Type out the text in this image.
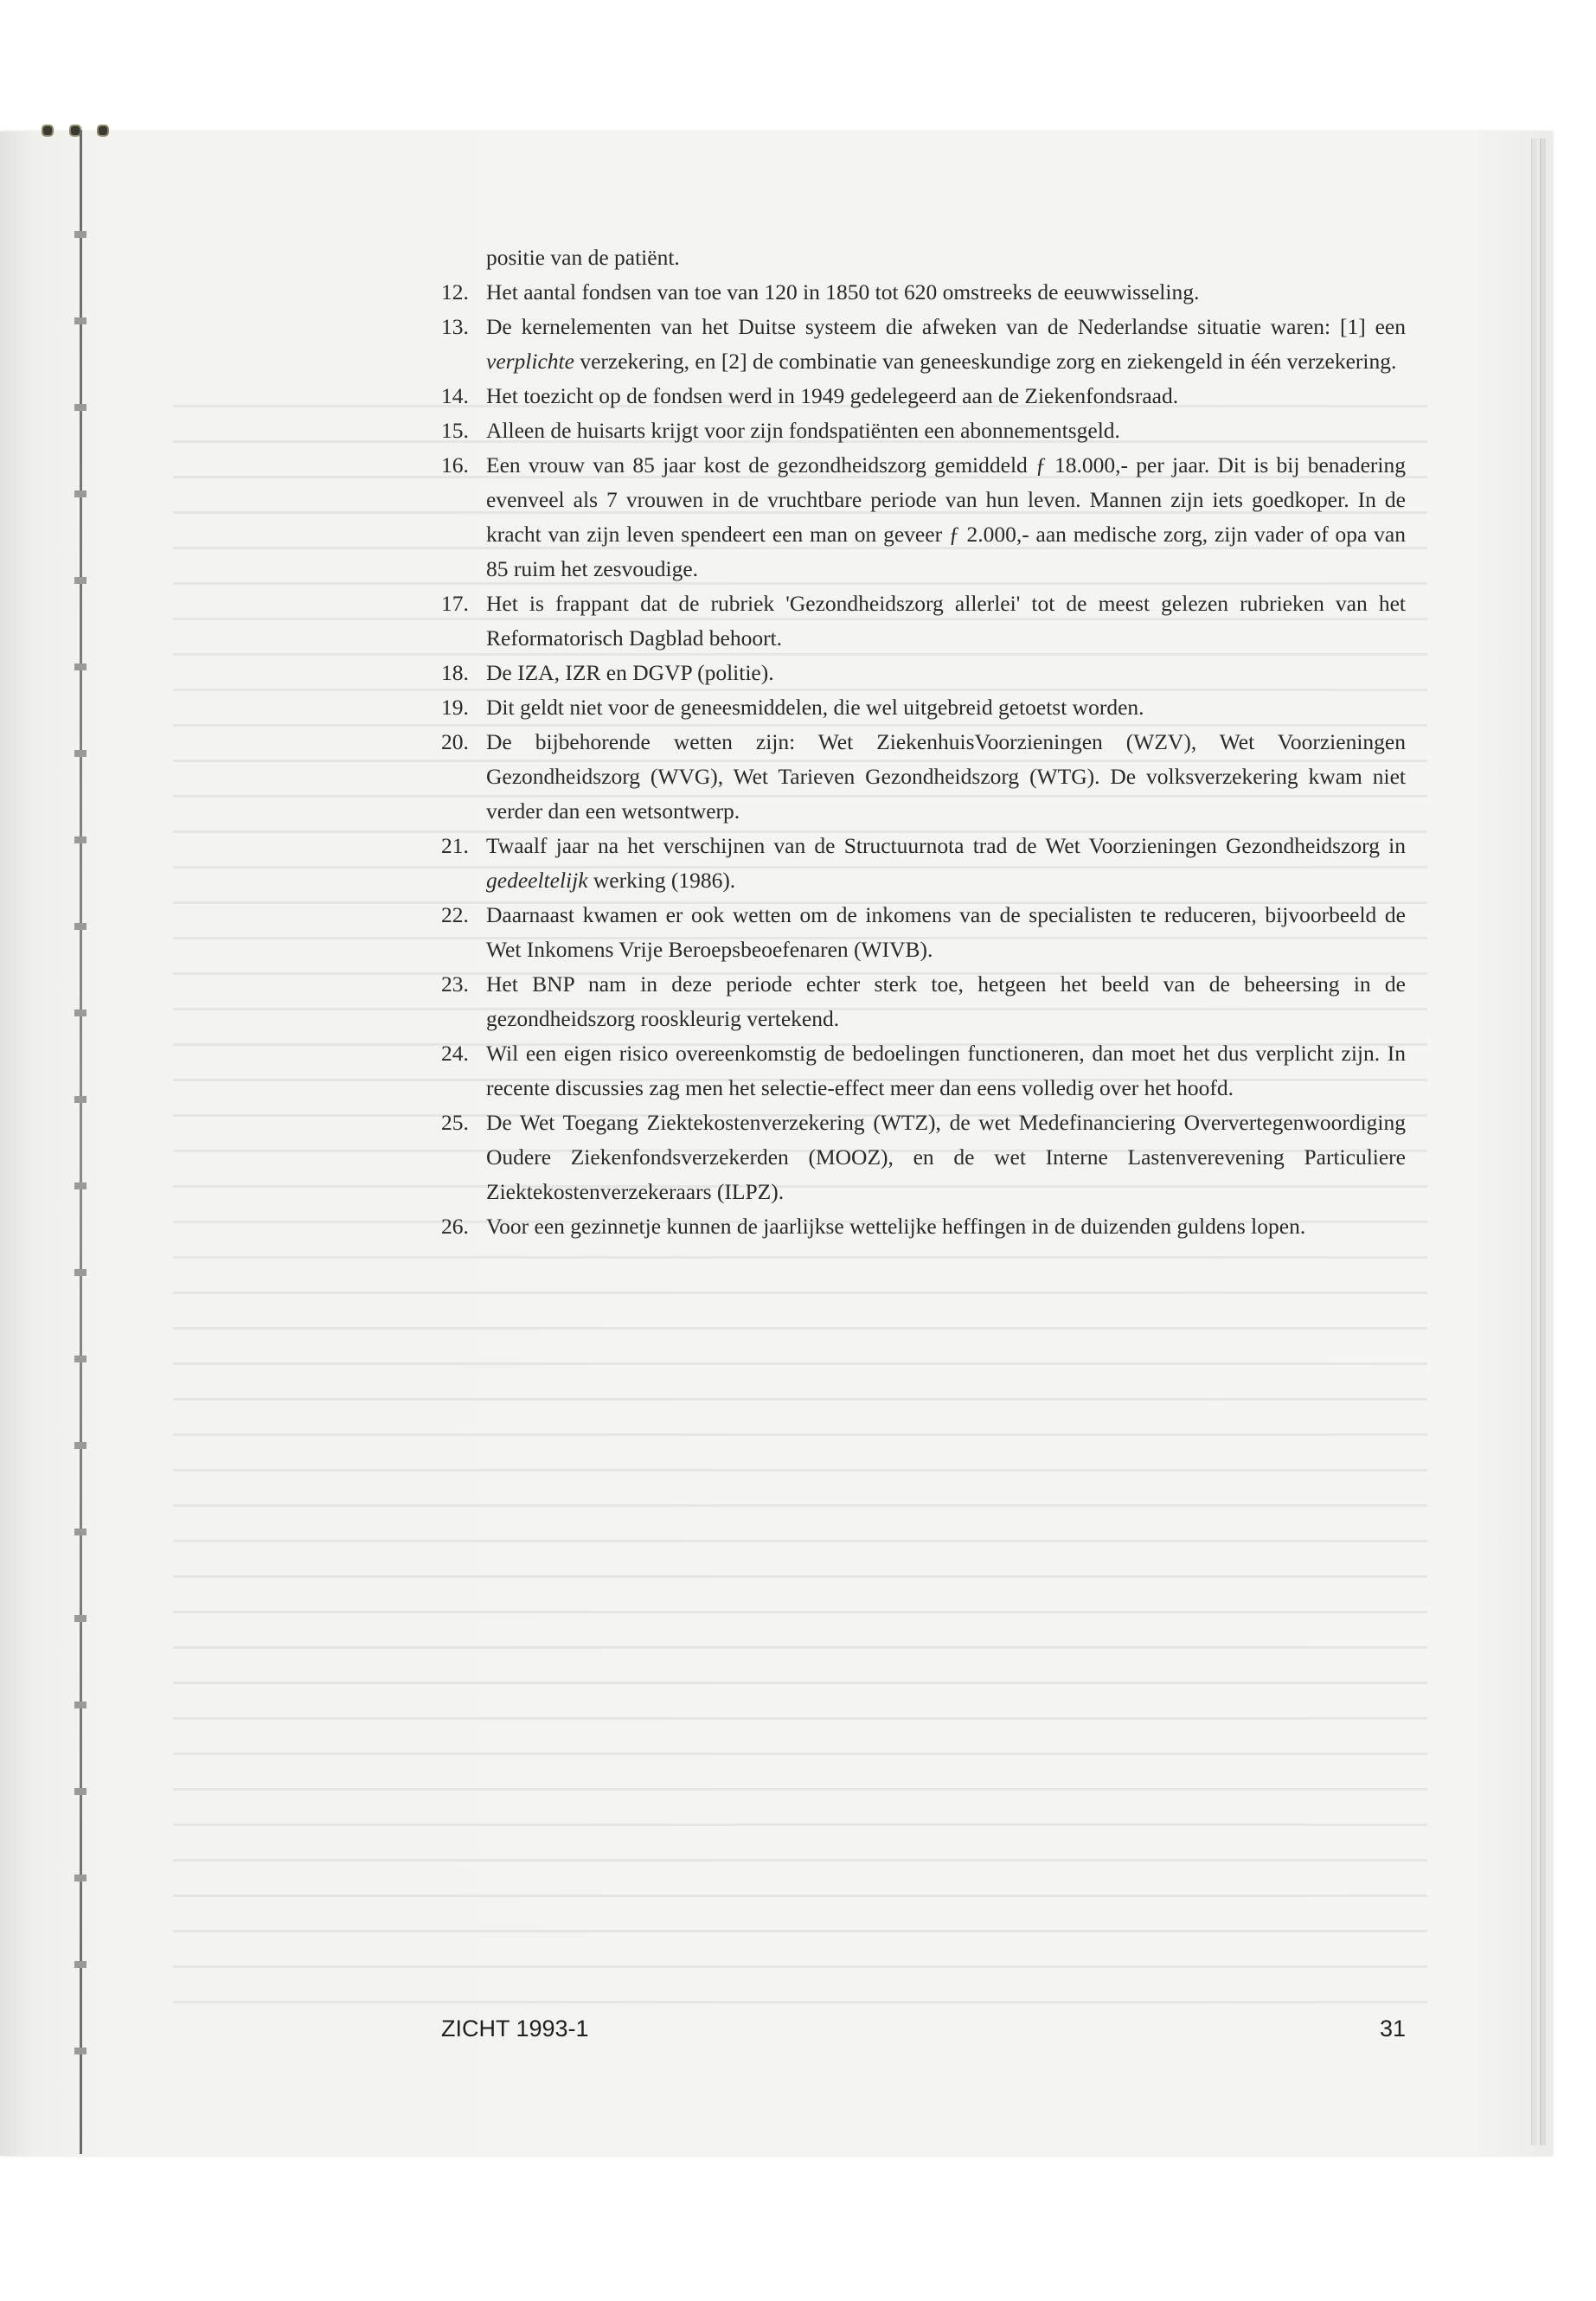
positie van de patiënt.
12. Het aantal fondsen van toe van 120 in 1850 tot 620 omstreeks de eeuwwisseling.
13. De kernelementen van het Duitse systeem die afweken van de Nederlandse situatie waren: [1] een verplichte verzekering, en [2] de combinatie van geneeskundige zorg en ziekengeld in één verzekering.
14. Het toezicht op de fondsen werd in 1949 gedelegeerd aan de Ziekenfondsraad.
15. Alleen de huisarts krijgt voor zijn fondspatiënten een abonnementsgeld.
16. Een vrouw van 85 jaar kost de gezondheidszorg gemiddeld ƒ 18.000,- per jaar. Dit is bij benadering evenveel als 7 vrouwen in de vruchtbare periode van hun leven. Mannen zijn iets goedkoper. In de kracht van zijn leven spendeert een man on geveer ƒ 2.000,- aan medische zorg, zijn vader of opa van 85 ruim het zesvoudige.
17. Het is frappant dat de rubriek 'Gezondheidszorg allerlei' tot de meest gelezen rubrieken van het Reformatorisch Dagblad behoort.
18. De IZA, IZR en DGVP (politie).
19. Dit geldt niet voor de geneesmiddelen, die wel uitgebreid getoetst worden.
20. De bijbehorende wetten zijn: Wet ZiekenhuisVoorzieningen (WZV), Wet Voorzieningen Gezondheidszorg (WVG), Wet Tarieven Gezondheidszorg (WTG). De volksverzekering kwam niet verder dan een wetsontwerp.
21. Twaalf jaar na het verschijnen van de Structuurnota trad de Wet Voorzieningen Gezondheidszorg in gedeeltelijk werking (1986).
22. Daarnaast kwamen er ook wetten om de inkomens van de specialisten te reduceren, bijvoorbeeld de Wet Inkomens Vrije Beroepsbeoefenaren (WIVB).
23. Het BNP nam in deze periode echter sterk toe, hetgeen het beeld van de beheersing in de gezondheidszorg rooskleurig vertekend.
24. Wil een eigen risico overeenkomstig de bedoelingen functioneren, dan moet het dus verplicht zijn. In recente discussies zag men het selectie-effect meer dan eens volledig over het hoofd.
25. De Wet Toegang Ziektekostenverzekering (WTZ), de wet Medefinanciering Oververtegenwoordiging Oudere Ziekenfondsverzekerden (MOOZ), en de wet Interne Lastenverevening Particuliere Ziektekostenverzekeraars (ILPZ).
26. Voor een gezinnetje kunnen de jaarlijkse wettelijke heffingen in de duizenden guldens lopen.
ZICHT 1993-1	31
